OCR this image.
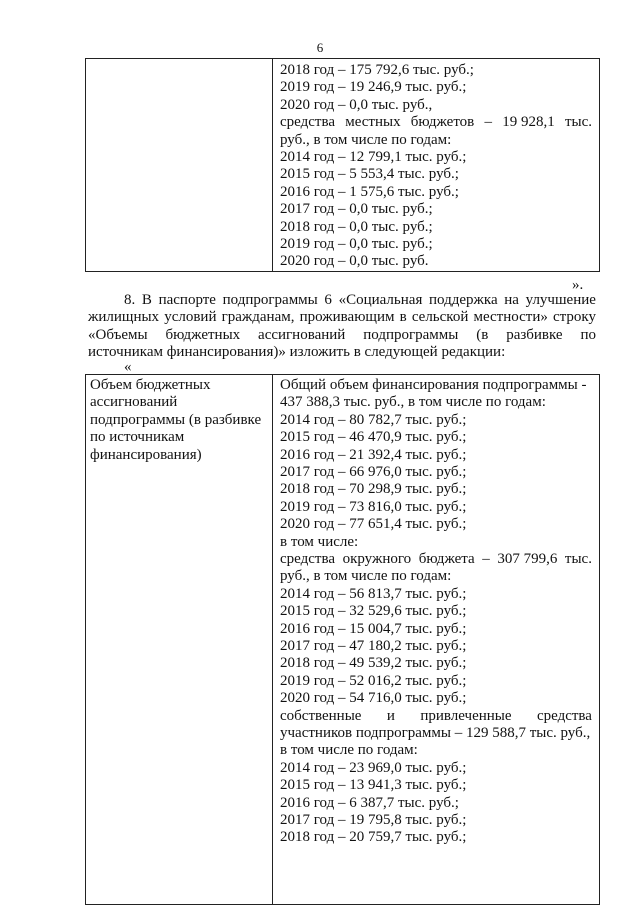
6
».
8. В паспорте подпрограммы 6 «Социальная поддержка на улучшение
жилищных условий гражданам, проживающим в сельской местности» строку
«Объемы бюджетных ассигнований подпрограммы (в разбивке по
источникам финансирования)» изложить в следующей редакции:
«
Объем бюджетных
ассигнований
подпрограммы (в разбивке
по источникам
финансирования)
2018 год – 175 792,6 тыс. руб.;
2019 год – 19 246,9 тыс. руб.;
2020 год – 0,0 тыс. руб.,
средства местных бюджетов – 19 928,1 тыс.
руб., в том числе по годам:
2014 год – 12 799,1 тыс. руб.;
2015 год – 5 553,4 тыс. руб.;
2016 год – 1 575,6 тыс. руб.;
2017 год – 0,0 тыс. руб.;
2018 год – 0,0 тыс. руб.;
2019 год – 0,0 тыс. руб.;
2020 год – 0,0 тыс. руб.
Общий объем финансирования подпрограммы -
437 388,3 тыс. руб., в том числе по годам:
2014 год – 80 782,7 тыс. руб.;
2015 год – 46 470,9 тыс. руб.;
2016 год – 21 392,4 тыс. руб.;
2017 год – 66 976,0 тыс. руб.;
2018 год – 70 298,9 тыс. руб.;
2019 год – 73 816,0 тыс. руб.;
2020 год – 77 651,4 тыс. руб.;
в том числе:
средства окружного бюджета – 307 799,6 тыс.
руб., в том числе по годам:
2014 год – 56 813,7 тыс. руб.;
2015 год – 32 529,6 тыс. руб.;
2016 год – 15 004,7 тыс. руб.;
2017 год – 47 180,2 тыс. руб.;
2018 год – 49 539,2 тыс. руб.;
2019 год – 52 016,2 тыс. руб.;
2020 год – 54 716,0 тыс. руб.;
собственные и привлеченные средства
участников подпрограммы – 129 588,7 тыс. руб.,
в том числе по годам:
2014 год – 23 969,0 тыс. руб.;
2015 год – 13 941,3 тыс. руб.;
2016 год – 6 387,7 тыс. руб.;
2017 год – 19 795,8 тыс. руб.;
2018 год – 20 759,7 тыс. руб.;
